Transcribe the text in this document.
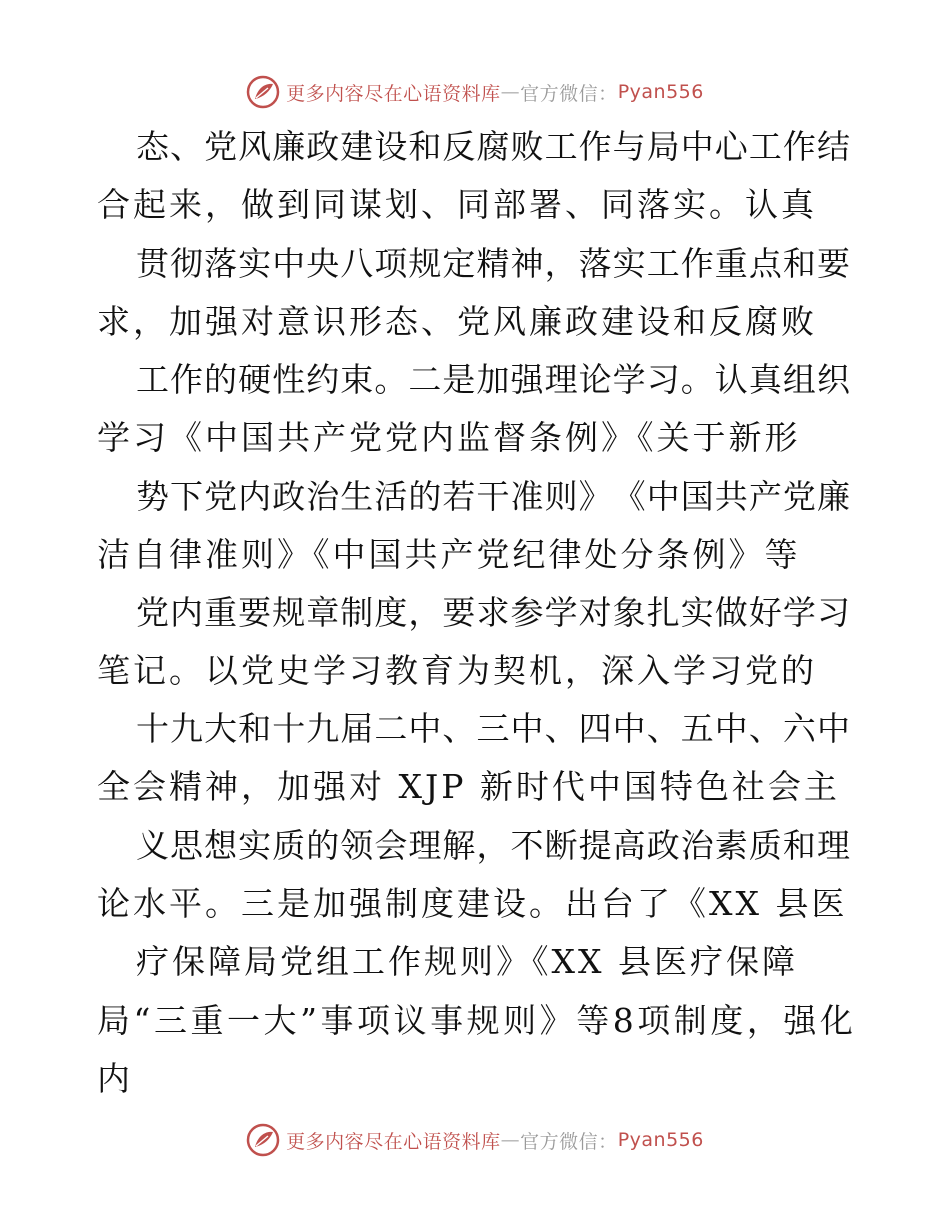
更多内容尽在心语资料库 — 官方微信： Pyan556
态 、 党 风 廉 政 建 设 和 反 腐 败 工 作 与 局 中 心 工 作 结
合起来，做到同谋划、同部署、同落实。认真
贯 彻 落 实 中 央 八 项 规 定 精 神 ， 落 实 工 作 重 点 和 要
求，加强对意识形态、党风廉政建设和反腐败
工 作 的 硬 性 约 束 。 二 是 加 强 理 论 学 习 。 认 真 组 织
学习《中国共产党党内监督条例》《关于新形
势 下 党 内 政 治 生 活 的 若 干 准 则 》 《 中 国 共 产 党 廉
洁自律准则》《中国共产党纪律处分条例》等
党 内 重 要 规 章 制 度 ， 要 求 参 学 对 象 扎 实 做 好 学 习
笔记。以党史学习教育为契机，深入学习党的
十 九 大 和 十 九 届 二 中 、 三 中 、 四 中 、 五 中 、 六 中
全会精神，加强对 XJP 新时代中国特色社会主
义 思 想 实 质 的 领 会 理 解 ， 不 断 提 高 政 治 素 质 和 理
论水平。三是加强制度建设。出台了《XX 县医
疗保障局党组工作规则》《XX 县医疗保障
局 “ 三 重 一 大 ” 事 项 议 事 规 则 》 等 8 项 制 度 ， 强 化
内
更多内容尽在心语资料库 — 官方微信： Pyan556
